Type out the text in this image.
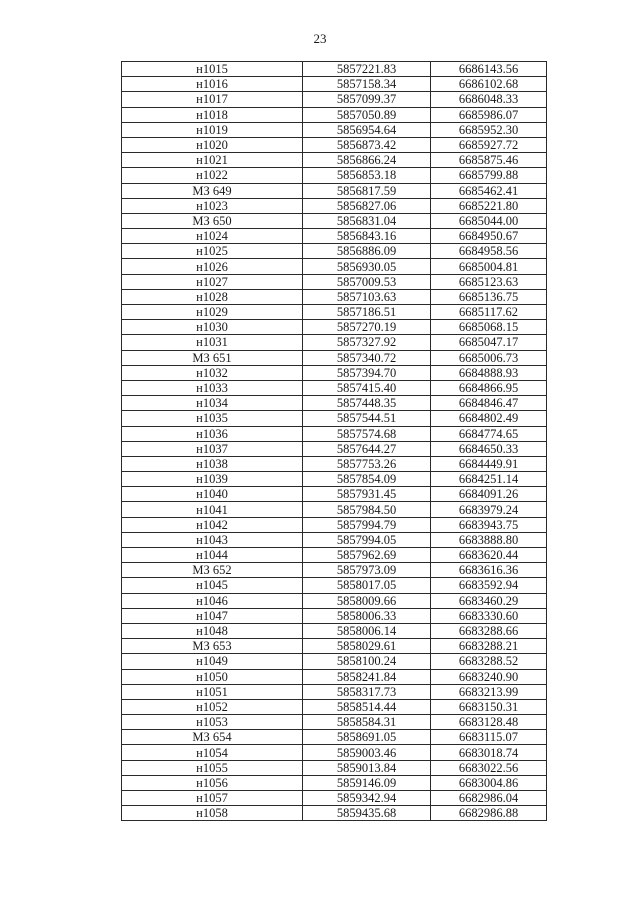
23
н1015	5857221.83	6686143.56
н1016	5857158.34	6686102.68
н1017	5857099.37	6686048.33
н1018	5857050.89	6685986.07
н1019	5856954.64	6685952.30
н1020	5856873.42	6685927.72
н1021	5856866.24	6685875.46
н1022	5856853.18	6685799.88
МЗ 649	5856817.59	6685462.41
н1023	5856827.06	6685221.80
МЗ 650	5856831.04	6685044.00
н1024	5856843.16	6684950.67
н1025	5856886.09	6684958.56
н1026	5856930.05	6685004.81
н1027	5857009.53	6685123.63
н1028	5857103.63	6685136.75
н1029	5857186.51	6685117.62
н1030	5857270.19	6685068.15
н1031	5857327.92	6685047.17
МЗ 651	5857340.72	6685006.73
н1032	5857394.70	6684888.93
н1033	5857415.40	6684866.95
н1034	5857448.35	6684846.47
н1035	5857544.51	6684802.49
н1036	5857574.68	6684774.65
н1037	5857644.27	6684650.33
н1038	5857753.26	6684449.91
н1039	5857854.09	6684251.14
н1040	5857931.45	6684091.26
н1041	5857984.50	6683979.24
н1042	5857994.79	6683943.75
н1043	5857994.05	6683888.80
н1044	5857962.69	6683620.44
МЗ 652	5857973.09	6683616.36
н1045	5858017.05	6683592.94
н1046	5858009.66	6683460.29
н1047	5858006.33	6683330.60
н1048	5858006.14	6683288.66
МЗ 653	5858029.61	6683288.21
н1049	5858100.24	6683288.52
н1050	5858241.84	6683240.90
н1051	5858317.73	6683213.99
н1052	5858514.44	6683150.31
н1053	5858584.31	6683128.48
МЗ 654	5858691.05	6683115.07
н1054	5859003.46	6683018.74
н1055	5859013.84	6683022.56
н1056	5859146.09	6683004.86
н1057	5859342.94	6682986.04
н1058	5859435.68	6682986.88
